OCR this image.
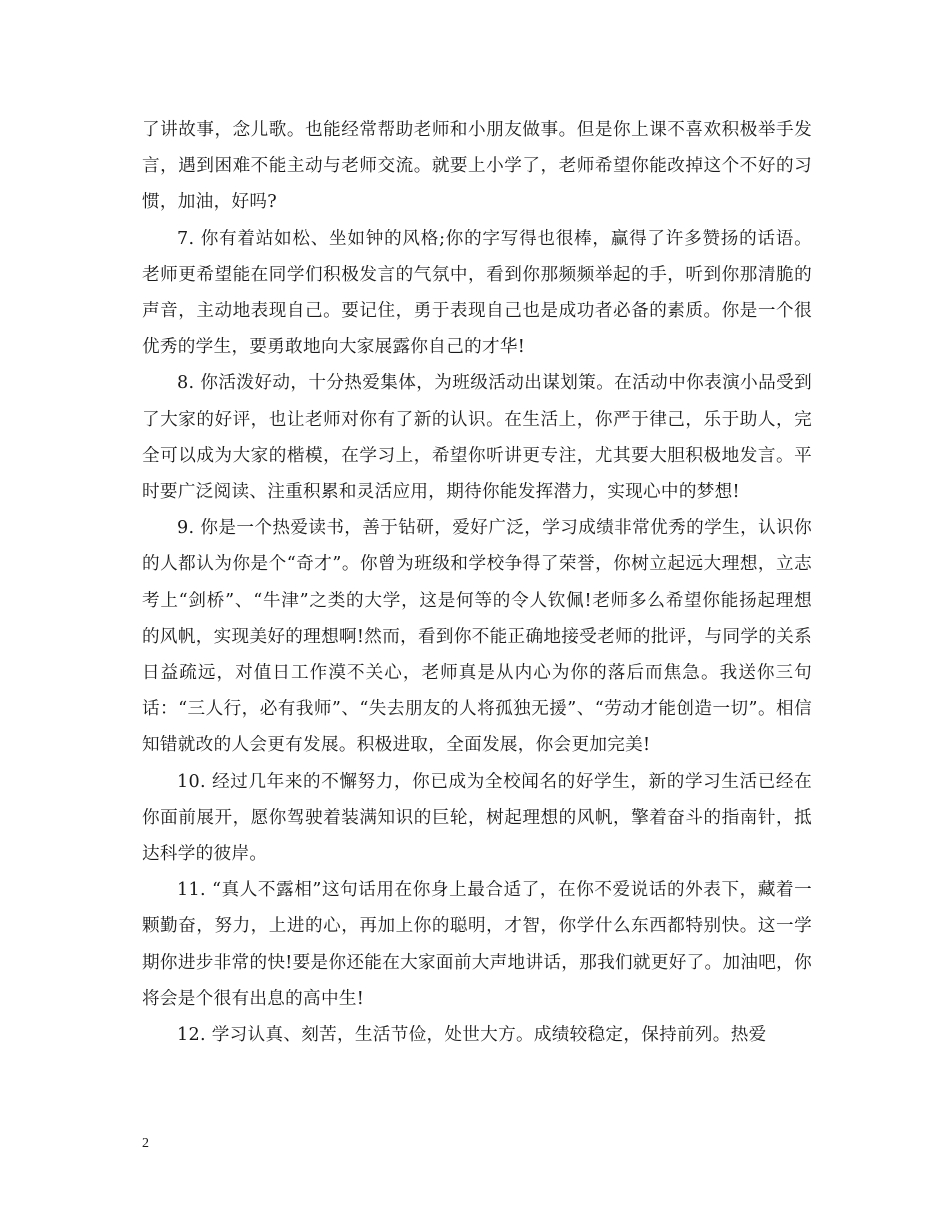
了讲故事，念儿歌。也能经常帮助老师和小朋友做事。但是你上课不喜欢积极举手发言，遇到困难不能主动与老师交流。就要上小学了，老师希望你能改掉这个不好的习惯，加油，好吗?

7. 你有着站如松、坐如钟的风格;你的字写得也很棒，赢得了许多赞扬的话语。老师更希望能在同学们积极发言的气氛中，看到你那频频举起的手，听到你那清脆的声音，主动地表现自己。要记住，勇于表现自己也是成功者必备的素质。你是一个很优秀的学生，要勇敢地向大家展露你自己的才华!

8. 你活泼好动，十分热爱集体，为班级活动出谋划策。在活动中你表演小品受到了大家的好评，也让老师对你有了新的认识。在生活上，你严于律己，乐于助人，完全可以成为大家的楷模，在学习上，希望你听讲更专注，尤其要大胆积极地发言。平时要广泛阅读、注重积累和灵活应用，期待你能发挥潜力，实现心中的梦想!

9. 你是一个热爱读书，善于钻研，爱好广泛，学习成绩非常优秀的学生，认识你的人都认为你是个“奇才”。你曾为班级和学校争得了荣誉，你树立起远大理想，立志考上“剑桥”、“牛津”之类的大学，这是何等的令人钦佩!老师多么希望你能扬起理想的风帆，实现美好的理想啊!然而，看到你不能正确地接受老师的批评，与同学的关系日益疏远，对值日工作漠不关心，老师真是从内心为你的落后而焦急。我送你三句话：“三人行，必有我师”、“失去朋友的人将孤独无援”、“劳动才能创造一切”。相信知错就改的人会更有发展。积极进取，全面发展，你会更加完美!

10. 经过几年来的不懈努力，你已成为全校闻名的好学生，新的学习生活已经在你面前展开，愿你驾驶着装满知识的巨轮，树起理想的风帆，擎着奋斗的指南针，抵达科学的彼岸。

11. “真人不露相”这句话用在你身上最合适了，在你不爱说话的外表下，藏着一颗勤奋，努力，上进的心，再加上你的聪明，才智，你学什么东西都特别快。这一学期你进步非常的快!要是你还能在大家面前大声地讲话，那我们就更好了。加油吧，你将会是个很有出息的高中生!

12. 学习认真、刻苦，生活节俭，处世大方。成绩较稳定，保持前列。热爱

2
